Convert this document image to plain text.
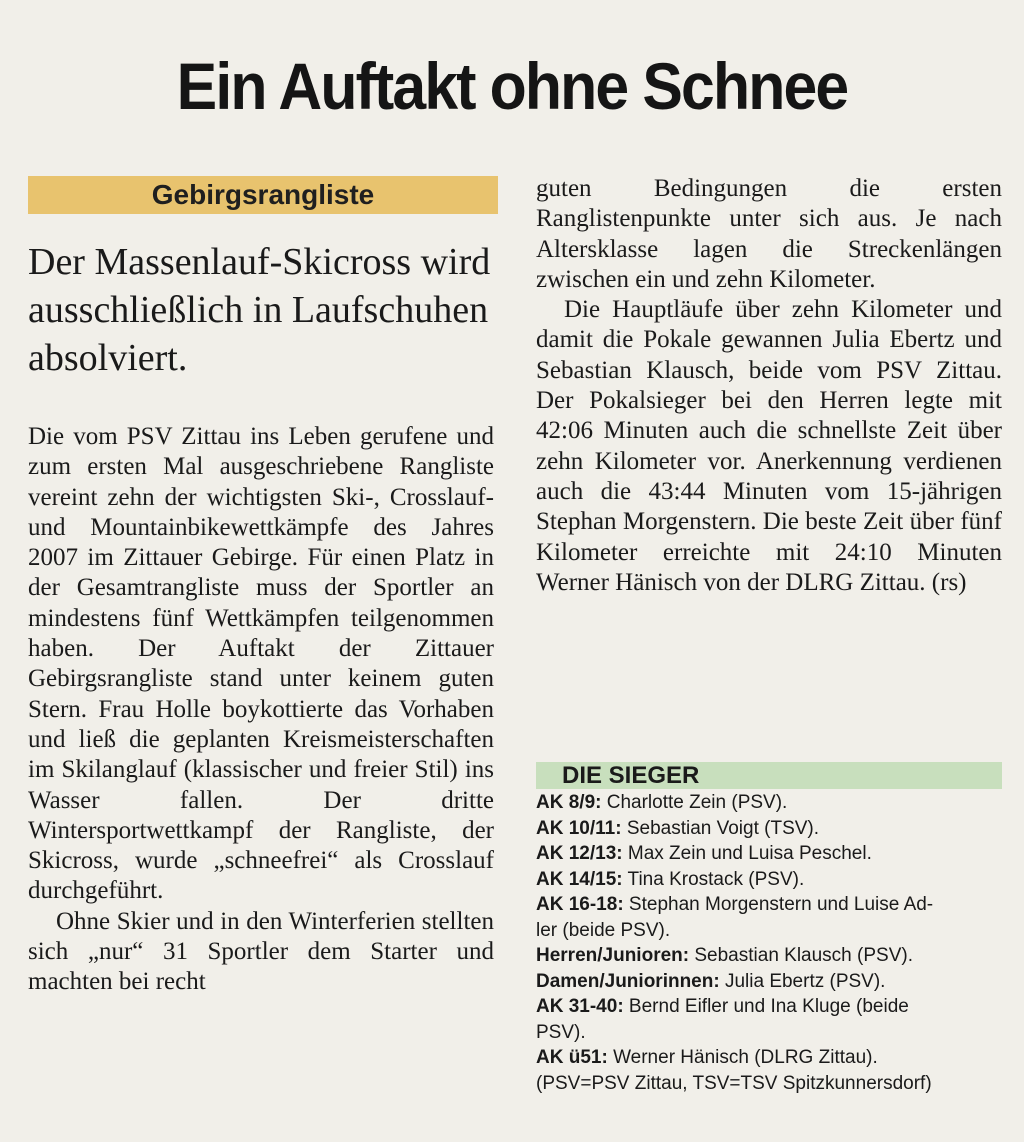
Ein Auftakt ohne Schnee
Gebirgsrangliste
Der Massenlauf-Skicross wird ausschließlich in Laufschuhen absolviert.

Die vom PSV Zittau ins Leben gerufene und zum ersten Mal ausgeschriebene Rangliste vereint zehn der wichtigsten Ski-, Crosslauf- und Mountainbikewettkämpfe des Jahres 2007 im Zittauer Gebirge. Für einen Platz in der Gesamtrangliste muss der Sportler an mindestens fünf Wettkämpfen teilgenommen haben. Der Auftakt der Zittauer Gebirgsrangliste stand unter keinem guten Stern. Frau Holle boykottierte das Vorhaben und ließ die geplanten Kreismeisterschaften im Skilanglauf (klassischer und freier Stil) ins Wasser fallen. Der dritte Wintersportwettkampf der Rangliste, der Skicross, wurde „schneefrei“ als Crosslauf durchgeführt.

Ohne Skier und in den Winterferien stellten sich „nur“ 31 Sportler dem Starter und machten bei recht

guten Bedingungen die ersten Ranglistenpunkte unter sich aus. Je nach Altersklasse lagen die Streckenlängen zwischen ein und zehn Kilometer.

Die Hauptläufe über zehn Kilometer und damit die Pokale gewannen Julia Ebertz und Sebastian Klausch, beide vom PSV Zittau. Der Pokalsieger bei den Herren legte mit 42:06 Minuten auch die schnellste Zeit über zehn Kilometer vor. Anerkennung verdienen auch die 43:44 Minuten vom 15-jährigen Stephan Morgenstern. Die beste Zeit über fünf Kilometer erreichte mit 24:10 Minuten Werner Hänisch von der DLRG Zittau. (rs)

DIE SIEGER
AK 8/9: Charlotte Zein (PSV).
AK 10/11: Sebastian Voigt (TSV).
AK 12/13: Max Zein und Luisa Peschel.
AK 14/15: Tina Krostack (PSV).
AK 16-18: Stephan Morgenstern und Luise Ad-
ler (beide PSV).
Herren/Junioren: Sebastian Klausch (PSV).
Damen/Juniorinnen: Julia Ebertz (PSV).
AK 31-40: Bernd Eifler und Ina Kluge (beide
PSV).
AK ü51: Werner Hänisch (DLRG Zittau).
(PSV=PSV Zittau, TSV=TSV Spitzkunnersdorf)
